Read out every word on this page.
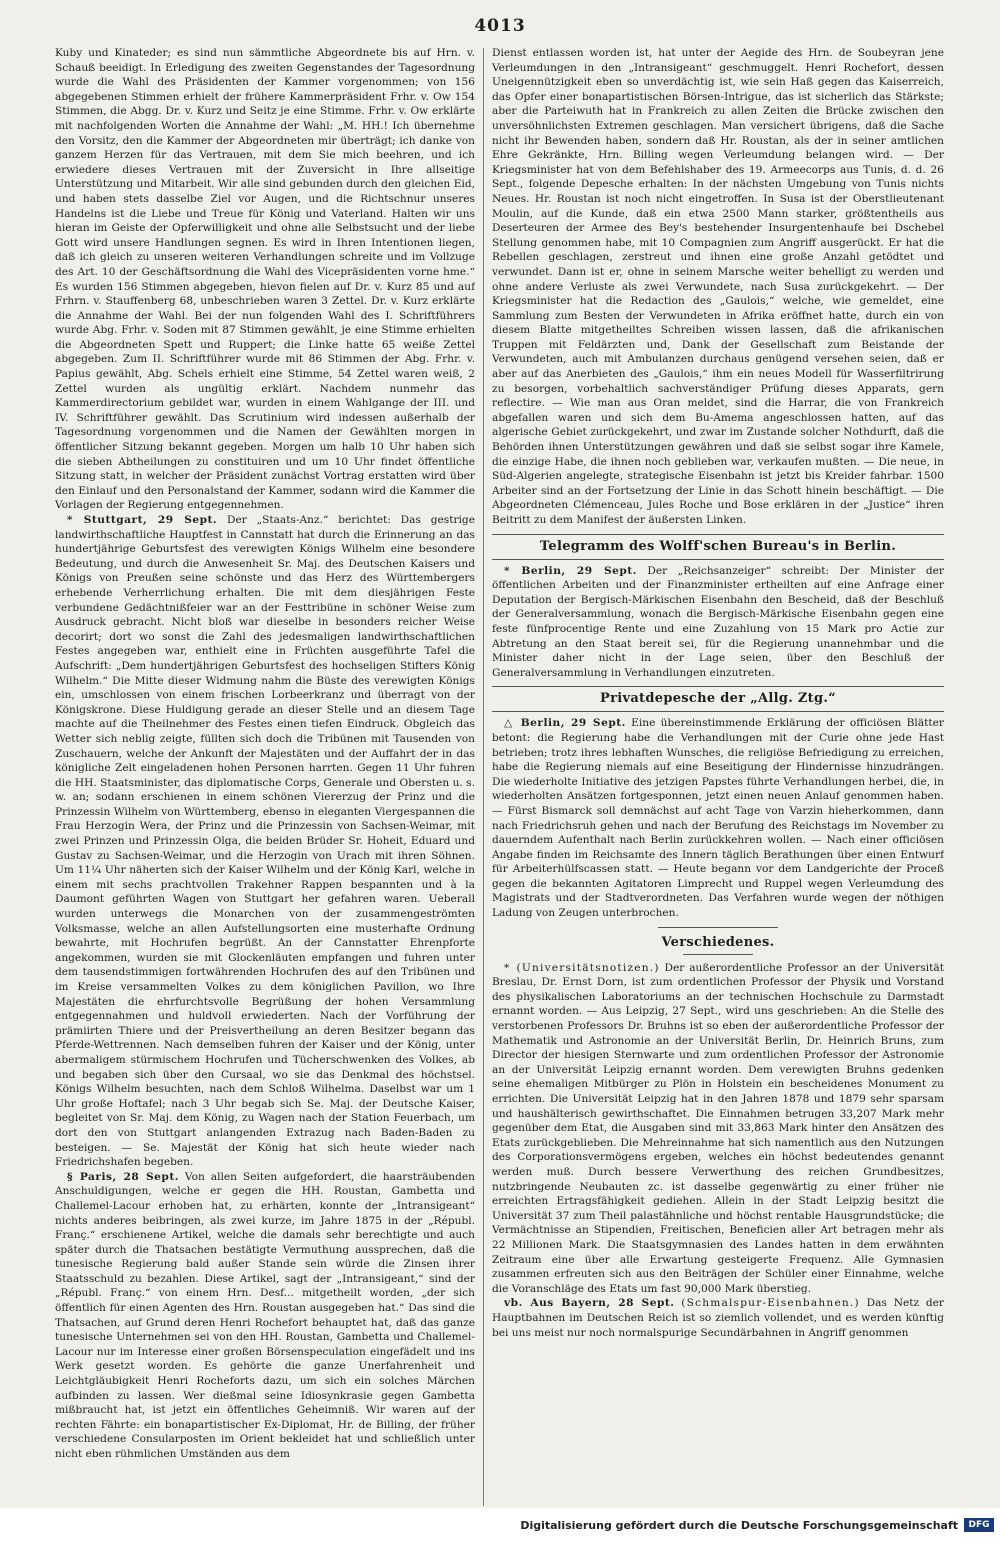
4013

Kuby und Kinateder; es sind nun sämmtliche Abgeordnete bis auf Hrn. v. Schauß beeidigt. In Erledigung des zweiten Gegenstandes der Tagesordnung wurde die Wahl des Präsidenten der Kammer vorgenommen; von 156 abgegebenen Stimmen erhielt der frühere Kammerpräsident Frhr. v. Ow 154 Stimmen, die Abgg. Dr. v. Kurz und Seitz je eine Stimme. Frhr. v. Ow erklärte mit nachfolgenden Worten die Annahme der Wahl: „M. HH.! Ich übernehme den Vorsitz, den die Kammer der Abgeordneten mir überträgt; ich danke von ganzem Herzen für das Vertrauen, mit dem Sie mich beehren, und ich erwiedere dieses Vertrauen mit der Zuversicht in Ihre allseitige Unterstützung und Mitarbeit. Wir alle sind gebunden durch den gleichen Eid, und haben stets dasselbe Ziel vor Augen, und die Richtschnur unseres Handelns ist die Liebe und Treue für König und Vaterland. Halten wir uns hieran im Geiste der Opferwilligkeit und ohne alle Selbstsucht und der liebe Gott wird unsere Handlungen segnen. Es wird in Ihren Intentionen liegen, daß ich gleich zu unseren weiteren Verhandlungen schreite und im Vollzuge des Art. 10 der Geschäftsordnung die Wahl des Vicepräsidenten vorne hme.“ Es wurden 156 Stimmen abgegeben, hievon fielen auf Dr. v. Kurz 85 und auf Frhrn. v. Stauffenberg 68, unbeschrieben waren 3 Zettel. Dr. v. Kurz erklärte die Annahme der Wahl. Bei der nun folgenden Wahl des I. Schriftführers wurde Abg. Frhr. v. Soden mit 87 Stimmen gewählt, je eine Stimme erhielten die Abgeordneten Spett und Ruppert; die Linke hatte 65 weiße Zettel abgegeben. Zum II. Schriftführer wurde mit 86 Stimmen der Abg. Frhr. v. Papius gewählt, Abg. Schels erhielt eine Stimme, 54 Zettel waren weiß, 2 Zettel wurden als ungültig erklärt. Nachdem nunmehr das Kammerdirectorium gebildet war, wurden in einem Wahlgange der III. und IV. Schriftführer gewählt. Das Scrutinium wird indessen außerhalb der Tagesordnung vorgenommen und die Namen der Gewählten morgen in öffentlicher Sitzung bekannt gegeben. Morgen um halb 10 Uhr haben sich die sieben Abtheilungen zu constituiren und um 10 Uhr findet öffentliche Sitzung statt, in welcher der Präsident zunächst Vortrag erstatten wird über den Einlauf und den Personalstand der Kammer, sodann wird die Kammer die Vorlagen der Regierung entgegennehmen.

* Stuttgart, 29 Sept. Der „Staats-Anz.“ berichtet: Das gestrige landwirthschaftliche Hauptfest in Cannstatt hat durch die Erinnerung an das hundertjährige Geburtsfest des verewigten Königs Wilhelm eine besondere Bedeutung, und durch die Anwesenheit Sr. Maj. des Deutschen Kaisers und Königs von Preußen seine schönste und das Herz des Württembergers erhebende Verherrlichung erhalten. Die mit dem diesjährigen Feste verbundene Gedächtnißfeier war an der Festtribüne in schöner Weise zum Ausdruck gebracht. Nicht bloß war dieselbe in besonders reicher Weise decorirt; dort wo sonst die Zahl des jedesmaligen landwirthschaftlichen Festes angegeben war, enthielt eine in Früchten ausgeführte Tafel die Aufschrift: „Dem hundertjährigen Geburtsfest des hochseligen Stifters König Wilhelm.“ Die Mitte dieser Widmung nahm die Büste des verewigten Königs ein, umschlossen von einem frischen Lorbeerkranz und überragt von der Königskrone. Diese Huldigung gerade an dieser Stelle und an diesem Tage machte auf die Theilnehmer des Festes einen tiefen Eindruck. Obgleich das Wetter sich neblig zeigte, füllten sich doch die Tribünen mit Tausenden von Zuschauern, welche der Ankunft der Majestäten und der Auffahrt der in das königliche Zelt eingeladenen hohen Personen harrten. Gegen 11 Uhr fuhren die HH. Staatsminister, das diplomatische Corps, Generale und Obersten u. s. w. an; sodann erschienen in einem schönen Viererzug der Prinz und die Prinzessin Wilhelm von Württemberg, ebenso in eleganten Viergespannen die Frau Herzogin Wera, der Prinz und die Prinzessin von Sachsen-Weimar, mit zwei Prinzen und Prinzessin Olga, die beiden Brüder Sr. Hoheit, Eduard und Gustav zu Sachsen-Weimar, und die Herzogin von Urach mit ihren Söhnen. Um 11¼ Uhr näherten sich der Kaiser Wilhelm und der König Karl, welche in einem mit sechs prachtvollen Trakehner Rappen bespannten und à la Daumont geführten Wagen von Stuttgart her gefahren waren. Ueberall wurden unterwegs die Monarchen von der zusammengeströmten Volksmasse, welche an allen Aufstellungsorten eine musterhafte Ordnung bewahrte, mit Hochrufen begrüßt. An der Cannstatter Ehrenpforte angekommen, wurden sie mit Glockenläuten empfangen und fuhren unter dem tausendstimmigen fortwährenden Hochrufen des auf den Tribünen und im Kreise versammelten Volkes zu dem königlichen Pavillon, wo Ihre Majestäten die ehrfurchtsvolle Begrüßung der hohen Versammlung entgegennahmen und huldvoll erwiederten. Nach der Vorführung der prämiirten Thiere und der Preisvertheilung an deren Besitzer begann das Pferde-Wettrennen. Nach demselben fuhren der Kaiser und der König, unter abermaligem stürmischem Hochrufen und Tücherschwenken des Volkes, ab und begaben sich über den Cursaal, wo sie das Denkmal des höchstsel. Königs Wilhelm besuchten, nach dem Schloß Wilhelma. Daselbst war um 1 Uhr große Hoftafel; nach 3 Uhr begab sich Se. Maj. der Deutsche Kaiser, begleitet von Sr. Maj. dem König, zu Wagen nach der Station Feuerbach, um dort den von Stuttgart anlangenden Extrazug nach Baden-Baden zu besteigen. — Se. Majestät der König hat sich heute wieder nach Friedrichshafen begeben.

§ Paris, 28 Sept. Von allen Seiten aufgefordert, die haarsträubenden Anschuldigungen, welche er gegen die HH. Roustan, Gambetta und Challemel-Lacour erhoben hat, zu erhärten, konnte der „Intransigeant“ nichts anderes beibringen, als zwei kurze, im Jahre 1875 in der „Républ. Franç.“ erschienene Artikel, welche die damals sehr berechtigte und auch später durch die Thatsachen bestätigte Vermuthung aussprechen, daß die tunesische Regierung bald außer Stande sein würde die Zinsen ihrer Staatsschuld zu bezahlen. Diese Artikel, sagt der „Intransigeant,“ sind der „Républ. Franç.“ von einem Hrn. Desf... mitgetheilt worden, „der sich öffentlich für einen Agenten des Hrn. Roustan ausgegeben hat.“ Das sind die Thatsachen, auf Grund deren Henri Rochefort behauptet hat, daß das ganze tunesische Unternehmen sei von den HH. Roustan, Gambetta und Challemel-Lacour nur im Interesse einer großen Börsenspeculation eingefädelt und ins Werk gesetzt worden. Es gehörte die ganze Unerfahrenheit und Leichtgläubigkeit Henri Rocheforts dazu, um sich ein solches Märchen aufbinden zu lassen. Wer dießmal seine Idiosynkrasie gegen Gambetta mißbraucht hat, ist jetzt ein öffentliches Geheimniß. Wir waren auf der rechten Fährte: ein bonapartistischer Ex-Diplomat, Hr. de Billing, der früher verschiedene Consularposten im Orient bekleidet hat und schließlich unter nicht eben rühmlichen Umständen aus dem

Dienst entlassen worden ist, hat unter der Aegide des Hrn. de Soubeyran jene Verleumdungen in den „Intransigeant“ geschmuggelt. Henri Rochefort, dessen Uneigennützigkeit eben so unverdächtig ist, wie sein Haß gegen das Kaiserreich, das Opfer einer bonapartistischen Börsen-Intrigue, das ist sicherlich das Stärkste; aber die Parteiwuth hat in Frankreich zu allen Zeiten die Brücke zwischen den unversöhnlichsten Extremen geschlagen. Man versichert übrigens, daß die Sache nicht ihr Bewenden haben, sondern daß Hr. Roustan, als der in seiner amtlichen Ehre Gekränkte, Hrn. Billing wegen Verleumdung belangen wird. — Der Kriegsminister hat von dem Befehlshaber des 19. Armeecorps aus Tunis, d. d. 26 Sept., folgende Depesche erhalten: In der nächsten Umgebung von Tunis nichts Neues. Hr. Roustan ist noch nicht eingetroffen. In Susa ist der Oberstlieutenant Moulin, auf die Kunde, daß ein etwa 2500 Mann starker, größtentheils aus Deserteuren der Armee des Bey's bestehender Insurgentenhaufe bei Dschebel Stellung genommen habe, mit 10 Compagnien zum Angriff ausgerückt. Er hat die Rebellen geschlagen, zerstreut und ihnen eine große Anzahl getödtet und verwundet. Dann ist er, ohne in seinem Marsche weiter behelligt zu werden und ohne andere Verluste als zwei Verwundete, nach Susa zurückgekehrt. — Der Kriegsminister hat die Redaction des „Gaulois,“ welche, wie gemeldet, eine Sammlung zum Besten der Verwundeten in Afrika eröffnet hatte, durch ein von diesem Blatte mitgetheiltes Schreiben wissen lassen, daß die afrikanischen Truppen mit Feldärzten und, Dank der Gesellschaft zum Beistande der Verwundeten, auch mit Ambulanzen durchaus genügend versehen seien, daß er aber auf das Anerbieten des „Gaulois,“ ihm ein neues Modell für Wasserfiltrirung zu besorgen, vorbehaltlich sachverständiger Prüfung dieses Apparats, gern reflectire. — Wie man aus Oran meldet, sind die Harrar, die von Frankreich abgefallen waren und sich dem Bu-Amema angeschlossen hatten, auf das algerische Gebiet zurückgekehrt, und zwar im Zustande solcher Nothdurft, daß die Behörden ihnen Unterstützungen gewähren und daß sie selbst sogar ihre Kamele, die einzige Habe, die ihnen noch geblieben war, verkaufen mußten. — Die neue, in Süd-Algerien angelegte, strategische Eisenbahn ist jetzt bis Kreider fahrbar. 1500 Arbeiter sind an der Fortsetzung der Linie in das Schott hinein beschäftigt. — Die Abgeordneten Clémenceau, Jules Roche und Bose erklären in der „Justice“ ihren Beitritt zu dem Manifest der äußersten Linken.

Telegramm des Wolff'schen Bureau's in Berlin.

* Berlin, 29 Sept. Der „Reichsanzeiger“ schreibt: Der Minister der öffentlichen Arbeiten und der Finanzminister ertheilten auf eine Anfrage einer Deputation der Bergisch-Märkischen Eisenbahn den Bescheid, daß der Beschluß der Generalversammlung, wonach die Bergisch-Märkische Eisenbahn gegen eine feste fünfprocentige Rente und eine Zuzahlung von 15 Mark pro Actie zur Abtretung an den Staat bereit sei, für die Regierung unannehmbar und die Minister daher nicht in der Lage seien, über den Beschluß der Generalversammlung in Verhandlungen einzutreten.

Privatdepesche der „Allg. Ztg.“

△ Berlin, 29 Sept. Eine übereinstimmende Erklärung der officiösen Blätter betont: die Regierung habe die Verhandlungen mit der Curie ohne jede Hast betrieben; trotz ihres lebhaften Wunsches, die religiöse Befriedigung zu erreichen, habe die Regierung niemals auf eine Beseitigung der Hindernisse hinzudrängen. Die wiederholte Initiative des jetzigen Papstes führte Verhandlungen herbei, die, in wiederholten Ansätzen fortgesponnen, jetzt einen neuen Anlauf genommen haben. — Fürst Bismarck soll demnächst auf acht Tage von Varzin hieherkommen, dann nach Friedrichsruh gehen und nach der Berufung des Reichstags im November zu dauerndem Aufenthalt nach Berlin zurückkehren wollen. — Nach einer officiösen Angabe finden im Reichsamte des Innern täglich Berathungen über einen Entwurf für Arbeiterhülfscassen statt. — Heute begann vor dem Landgerichte der Proceß gegen die bekannten Agitatoren Limprecht und Ruppel wegen Verleumdung des Magistrats und der Stadtverordneten. Das Verfahren wurde wegen der nöthigen Ladung von Zeugen unterbrochen.

Verschiedenes.

* (Universitätsnotizen.) Der außerordentliche Professor an der Universität Breslau, Dr. Ernst Dorn, ist zum ordentlichen Professor der Physik und Vorstand des physikalischen Laboratoriums an der technischen Hochschule zu Darmstadt ernannt worden. — Aus Leipzig, 27 Sept., wird uns geschrieben: An die Stelle des verstorbenen Professors Dr. Bruhns ist so eben der außerordentliche Professor der Mathematik und Astronomie an der Universität Berlin, Dr. Heinrich Bruns, zum Director der hiesigen Sternwarte und zum ordentlichen Professor der Astronomie an der Universität Leipzig ernannt worden. Dem verewigten Bruhns gedenken seine ehemaligen Mitbürger zu Plön in Holstein ein bescheidenes Monument zu errichten. Die Universität Leipzig hat in den Jahren 1878 und 1879 sehr sparsam und haushälterisch gewirthschaftet. Die Einnahmen betrugen 33,207 Mark mehr gegenüber dem Etat, die Ausgaben sind mit 33,863 Mark hinter den Ansätzen des Etats zurückgeblieben. Die Mehreinnahme hat sich namentlich aus den Nutzungen des Corporationsvermögens ergeben, welches ein höchst bedeutendes genannt werden muß. Durch bessere Verwerthung des reichen Grundbesitzes, nutzbringende Neubauten zc. ist dasselbe gegenwärtig zu einer früher nie erreichten Ertragsfähigkeit gediehen. Allein in der Stadt Leipzig besitzt die Universität 37 zum Theil palastähnliche und höchst rentable Hausgrundstücke; die Vermächtnisse an Stipendien, Freitischen, Beneficien aller Art betragen mehr als 22 Millionen Mark. Die Staatsgymnasien des Landes hatten in dem erwähnten Zeitraum eine über alle Erwartung gesteigerte Frequenz. Alle Gymnasien zusammen erfreuten sich aus den Beiträgen der Schüler einer Einnahme, welche die Voranschläge des Etats um fast 90,000 Mark überstieg.

vb. Aus Bayern, 28 Sept. (Schmalspur-Eisenbahnen.) Das Netz der Hauptbahnen im Deutschen Reich ist so ziemlich vollendet, und es werden künftig bei uns meist nur noch normalspurige Secundärbahnen in Angriff genommen

Digitalisierung gefördert durch die Deutsche Forschungsgemeinschaft	DFG
